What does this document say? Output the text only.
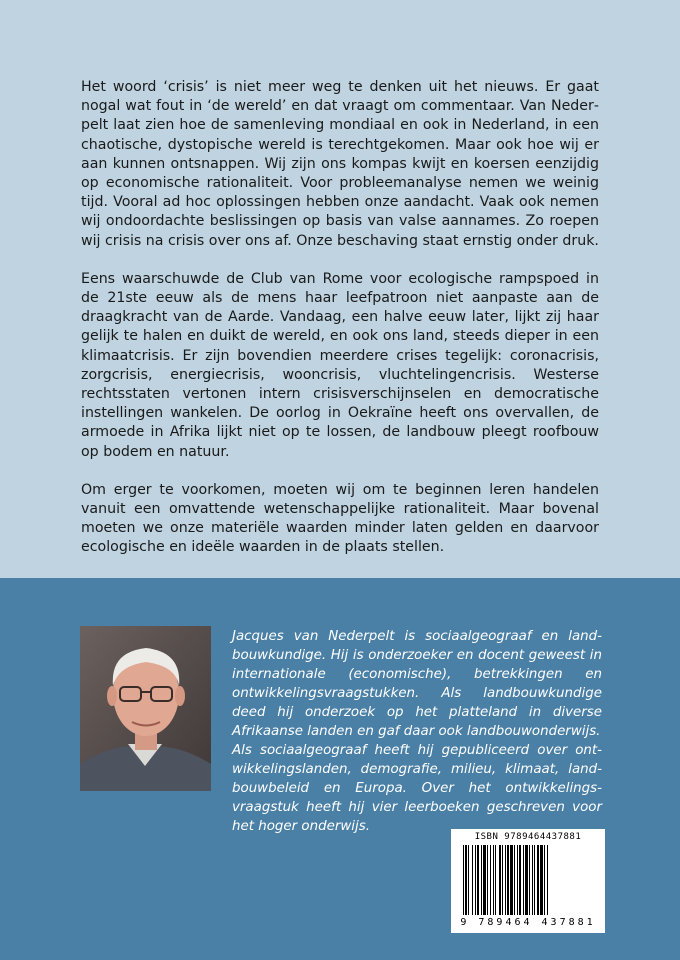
Het woord ‘crisis’ is niet meer weg te denken uit het nieuws. Er gaat nogal wat fout in ‘de wereld’ en dat vraagt om commentaar. Van Nederpelt laat zien hoe de samenleving mondiaal en ook in Nederland, in een chaotische, dystopische wereld is terechtgekomen. Maar ook hoe wij er aan kunnen ontsnappen. Wij zijn ons kompas kwijt en koersen eenzijdig op economische rationaliteit. Voor probleemanalyse nemen we weinig tijd. Vooral ad hoc oplossingen hebben onze aandacht. Vaak ook nemen wij ondoordachte beslissingen op basis van valse aannames. Zo roepen wij crisis na crisis over ons af. Onze beschaving staat ernstig onder druk.

Eens waarschuwde de Club van Rome voor ecologische rampspoed in de 21ste eeuw als de mens haar leefpatroon niet aanpaste aan de draagkracht van de Aarde. Vandaag, een halve eeuw later, lijkt zij haar gelijk te halen en duikt de wereld, en ook ons land, steeds dieper in een klimaatcrisis. Er zijn bovendien meerdere crises tegelijk: coronacrisis, zorgcrisis, energiecrisis, wooncrisis, vluchtelingencrisis. Westerse rechtsstaten vertonen intern crisisverschijnselen en democratische instellingen wankelen. De oorlog in Oekraïne heeft ons overvallen, de armoede in Afrika lijkt niet op te lossen, de landbouw pleegt roofbouw op bodem en natuur.

Om erger te voorkomen, moeten wij om te beginnen leren handelen vanuit een omvattende wetenschappelijke rationaliteit. Maar bovenal moeten we onze materiële waarden minder laten gelden en daarvoor ecologische en ideële waarden in de plaats stellen.

Jacques van Nederpelt is sociaalgeograaf en landbouwkundige. Hij is onderzoeker en docent geweest in internationale (economische), betrekkingen en ontwikkelingsvraagstukken. Als landbouwkundige deed hij onderzoek op het platteland in diverse Afrikaanse landen en gaf daar ook landbouwonderwijs.

Als sociaalgeograaf heeft hij gepubliceerd over ontwikkelingslanden, demografie, milieu, klimaat, landbouwbeleid en Europa. Over het ontwikkelingsvraagstuk heeft hij vier leerboeken geschreven voor het hoger onderwijs.

ISBN 9789464437881
9 789464 437881
